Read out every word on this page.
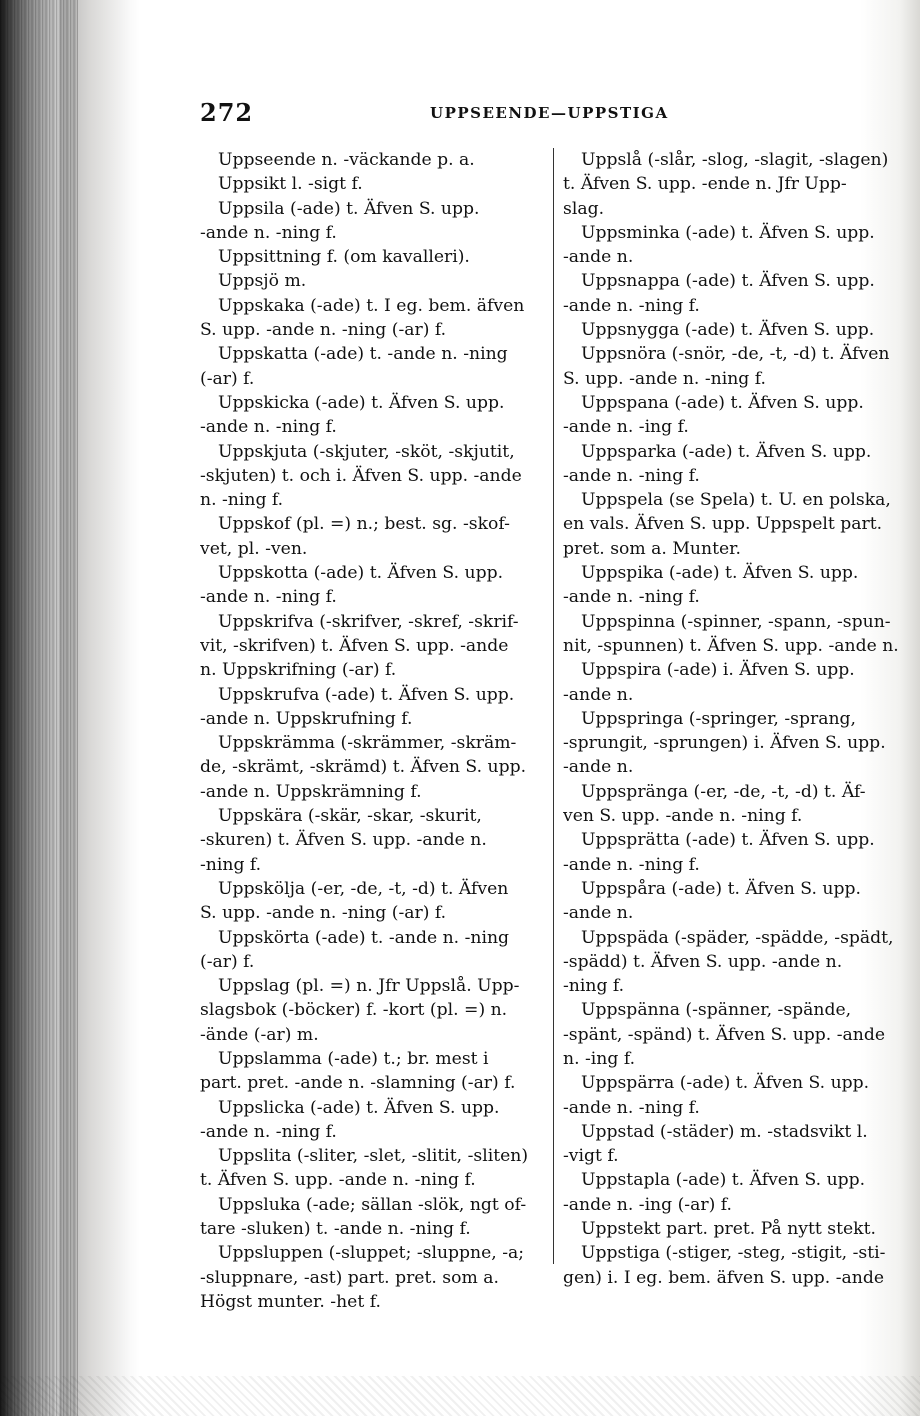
272	UPPSEENDE—UPPSTIGA
Uppseende n. -väckande p. a.
Uppsikt l. -sigt f.
Uppsila (-ade) t. Äfven S. upp.
-ande n. -ning f.
Uppsittning f. (om kavalleri).
Uppsjö m.
Uppskaka (-ade) t. I eg. bem. äfven
S. upp. -ande n. -ning (-ar) f.
Uppskatta (-ade) t. -ande n. -ning
(-ar) f.
Uppskicka (-ade) t. Äfven S. upp.
-ande n. -ning f.
Uppskjuta (-skjuter, -sköt, -skjutit,
-skjuten) t. och i. Äfven S. upp. -ande
n. -ning f.
Uppskof (pl. =) n.; best. sg. -skof-
vet, pl. -ven.
Uppskotta (-ade) t. Äfven S. upp.
-ande n. -ning f.
Uppskrifva (-skrifver, -skref, -skrif-
vit, -skrifven) t. Äfven S. upp. -ande
n. Uppskrifning (-ar) f.
Uppskrufva (-ade) t. Äfven S. upp.
-ande n. Uppskrufning f.
Uppskrämma (-skrämmer, -skräm-
de, -skrämt, -skrämd) t. Äfven S. upp.
-ande n. Uppskrämning f.
Uppskära (-skär, -skar, -skurit,
-skuren) t. Äfven S. upp. -ande n.
-ning f.
Uppskölja (-er, -de, -t, -d) t. Äfven
S. upp. -ande n. -ning (-ar) f.
Uppskörta (-ade) t. -ande n. -ning
(-ar) f.
Uppslag (pl. =) n. Jfr Uppslå. Upp-
slagsbok (-böcker) f. -kort (pl. =) n.
-ände (-ar) m.
Uppslamma (-ade) t.; br. mest i
part. pret. -ande n. -slamning (-ar) f.
Uppslicka (-ade) t. Äfven S. upp.
-ande n. -ning f.
Uppslita (-sliter, -slet, -slitit, -sliten)
t. Äfven S. upp. -ande n. -ning f.
Uppsluka (-ade; sällan -slök, ngt of-
tare -sluken) t. -ande n. -ning f.
Uppsluppen (-sluppet; -sluppne, -a;
-sluppnare, -ast) part. pret. som a.
Högst munter. -het f.
Uppslå (-slår, -slog, -slagit, -slagen)
t. Äfven S. upp. -ende n. Jfr Upp-
slag.
Uppsminka (-ade) t. Äfven S. upp.
-ande n.
Uppsnappa (-ade) t. Äfven S. upp.
-ande n. -ning f.
Uppsnygga (-ade) t. Äfven S. upp.
Uppsnöra (-snör, -de, -t, -d) t. Äfven
S. upp. -ande n. -ning f.
Uppspana (-ade) t. Äfven S. upp.
-ande n. -ing f.
Uppsparka (-ade) t. Äfven S. upp.
-ande n. -ning f.
Uppspela (se Spela) t. U. en polska,
en vals. Äfven S. upp. Uppspelt part.
pret. som a. Munter.
Uppspika (-ade) t. Äfven S. upp.
-ande n. -ning f.
Uppspinna (-spinner, -spann, -spun-
nit, -spunnen) t. Äfven S. upp. -ande n.
Uppspira (-ade) i. Äfven S. upp.
-ande n.
Uppspringa (-springer, -sprang,
-sprungit, -sprungen) i. Äfven S. upp.
-ande n.
Uppspränga (-er, -de, -t, -d) t. Äf-
ven S. upp. -ande n. -ning f.
Uppsprätta (-ade) t. Äfven S. upp.
-ande n. -ning f.
Uppspåra (-ade) t. Äfven S. upp.
-ande n.
Uppspäda (-späder, -spädde, -spädt,
-spädd) t. Äfven S. upp. -ande n.
-ning f.
Uppspänna (-spänner, -spände,
-spänt, -spänd) t. Äfven S. upp. -ande
n. -ing f.
Uppspärra (-ade) t. Äfven S. upp.
-ande n. -ning f.
Uppstad (-städer) m. -stadsvikt l.
-vigt f.
Uppstapla (-ade) t. Äfven S. upp.
-ande n. -ing (-ar) f.
Uppstekt part. pret. På nytt stekt.
Uppstiga (-stiger, -steg, -stigit, -sti-
gen) i. I eg. bem. äfven S. upp. -ande
